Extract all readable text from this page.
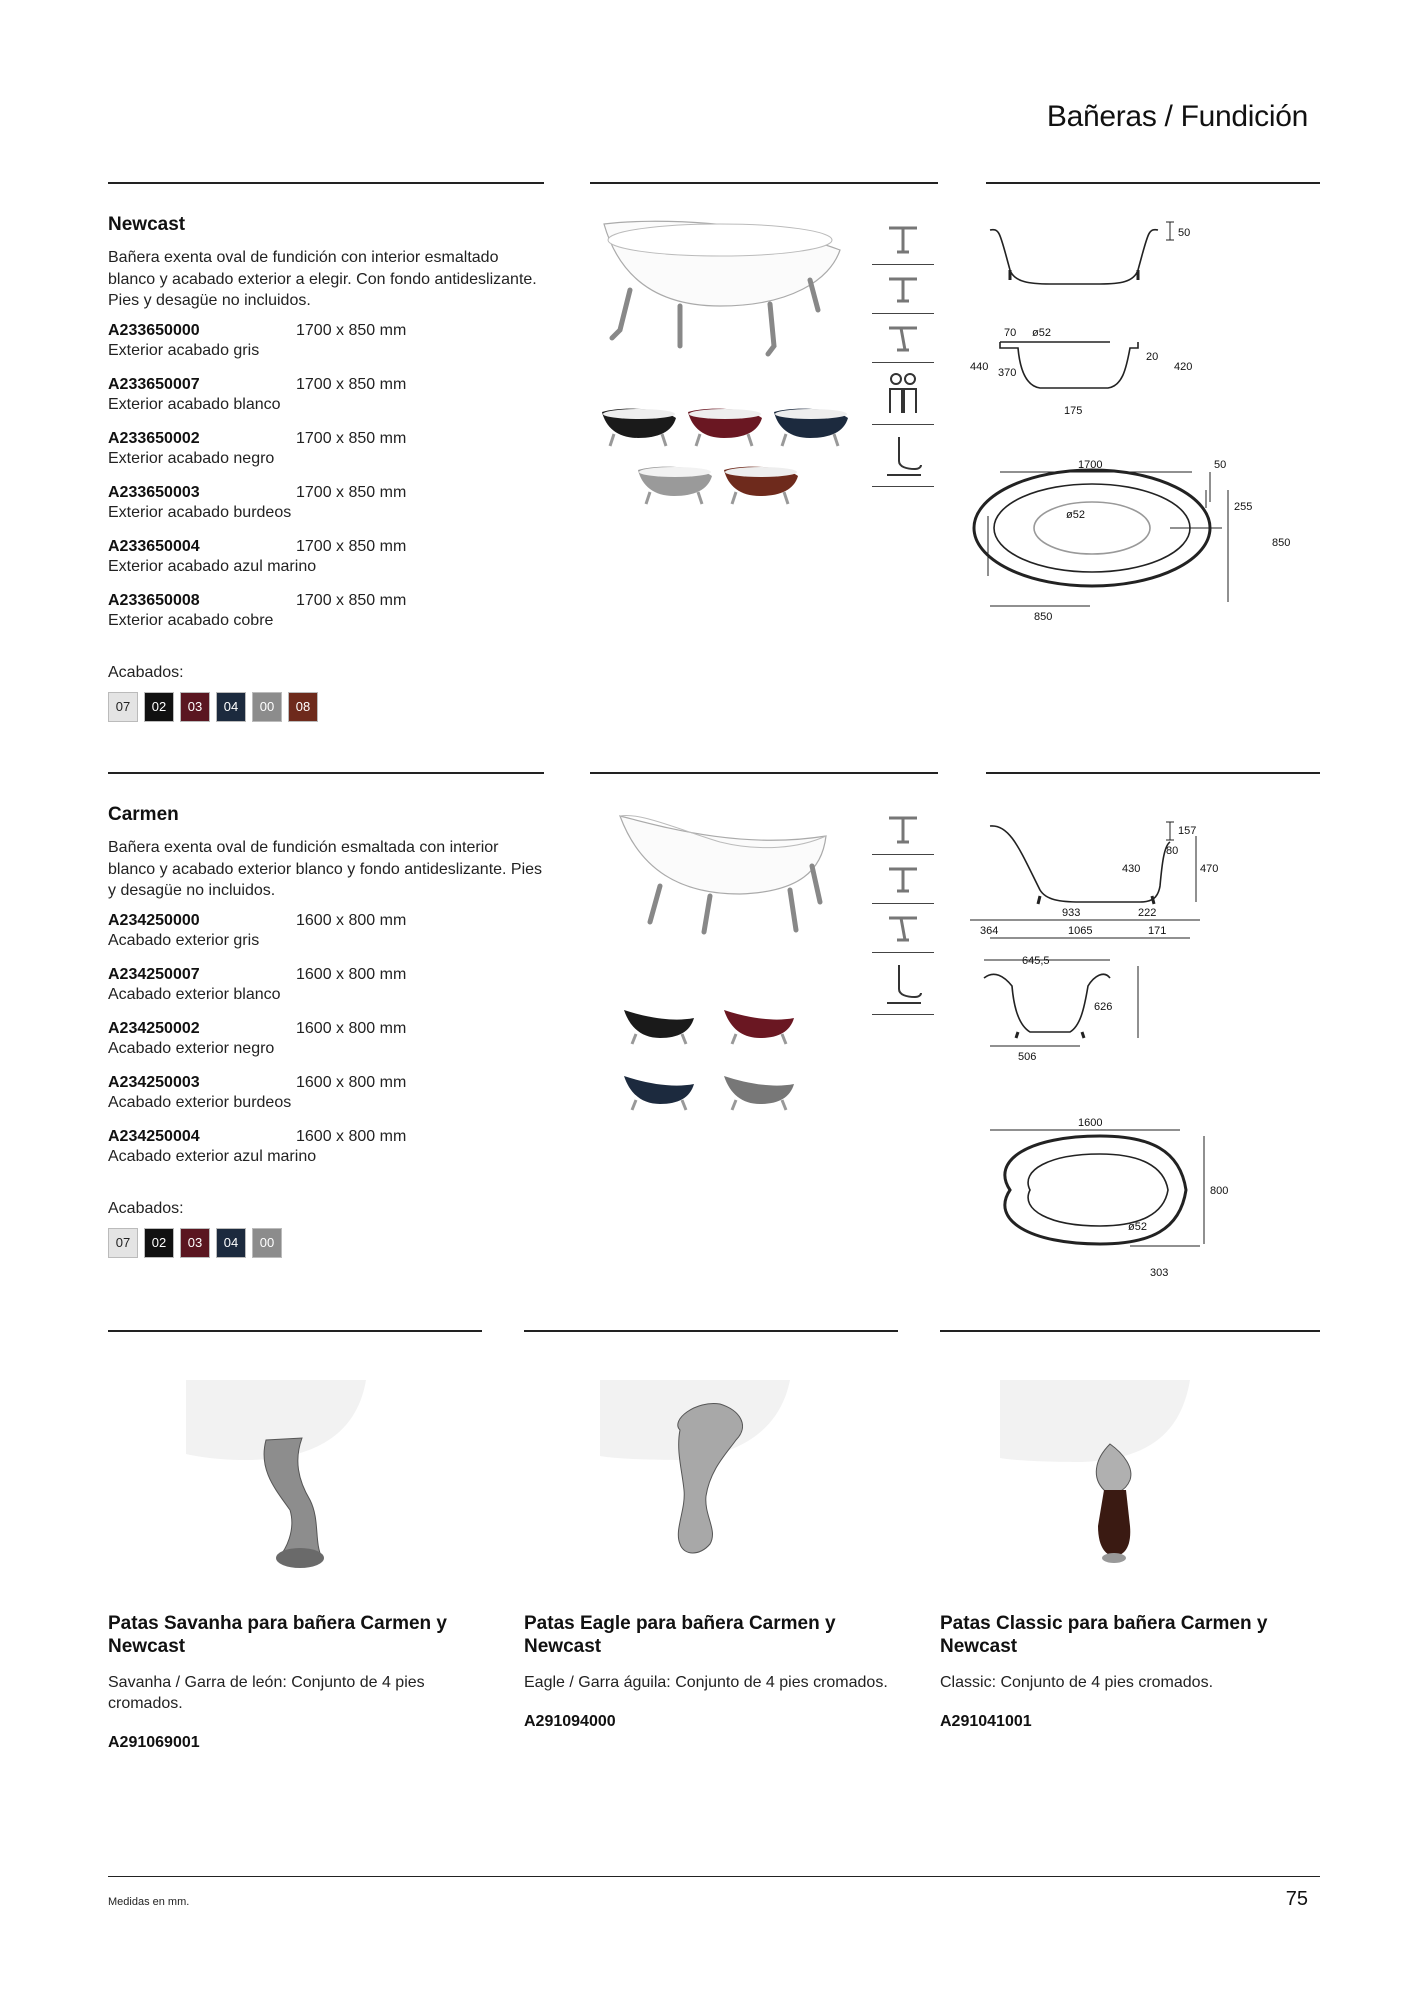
Bañeras / Fundición
Newcast
Bañera exenta oval de fundición con interior esmaltado blanco y acabado exterior a elegir. Con fondo antideslizante. Pies y desagüe no incluidos.
A233650000	1700 x 850 mm
Exterior acabado gris
A233650007	1700 x 850 mm
Exterior acabado blanco
A233650002	1700 x 850 mm
Exterior acabado negro
A233650003	1700 x 850 mm
Exterior acabado burdeos
A233650004	1700 x 850 mm
Exterior acabado azul marino
A233650008	1700 x 850 mm
Exterior acabado cobre
Acabados:
07	02	03	04	00	08
50
70 ø52
440 370
20
420
175
1700	50
ø52
255
850
850
Carmen
Bañera exenta oval de fundición esmaltada con interior blanco y acabado exterior blanco y fondo antideslizante. Pies y desagüe no incluidos.
A234250000	1600 x 800 mm
Acabado exterior gris
A234250007	1600 x 800 mm
Acabado exterior blanco
A234250002	1600 x 800 mm
Acabado exterior negro
A234250003	1600 x 800 mm
Acabado exterior burdeos
A234250004	1600 x 800 mm
Acabado exterior azul marino
Acabados:
07	02	03	04	00
157
80
430	470
933	222
364	1065	171
645,5
626
506
1600
800
ø52
303
Patas Savanha para bañera Carmen y Newcast
Savanha / Garra de león: Conjunto de 4 pies cromados.
A291069001
Patas Eagle para bañera Carmen y Newcast
Eagle / Garra águila: Conjunto de 4 pies cromados.
A291094000
Patas Classic para bañera Carmen y Newcast
Classic: Conjunto de 4 pies cromados.
A291041001
Medidas en mm.	75
